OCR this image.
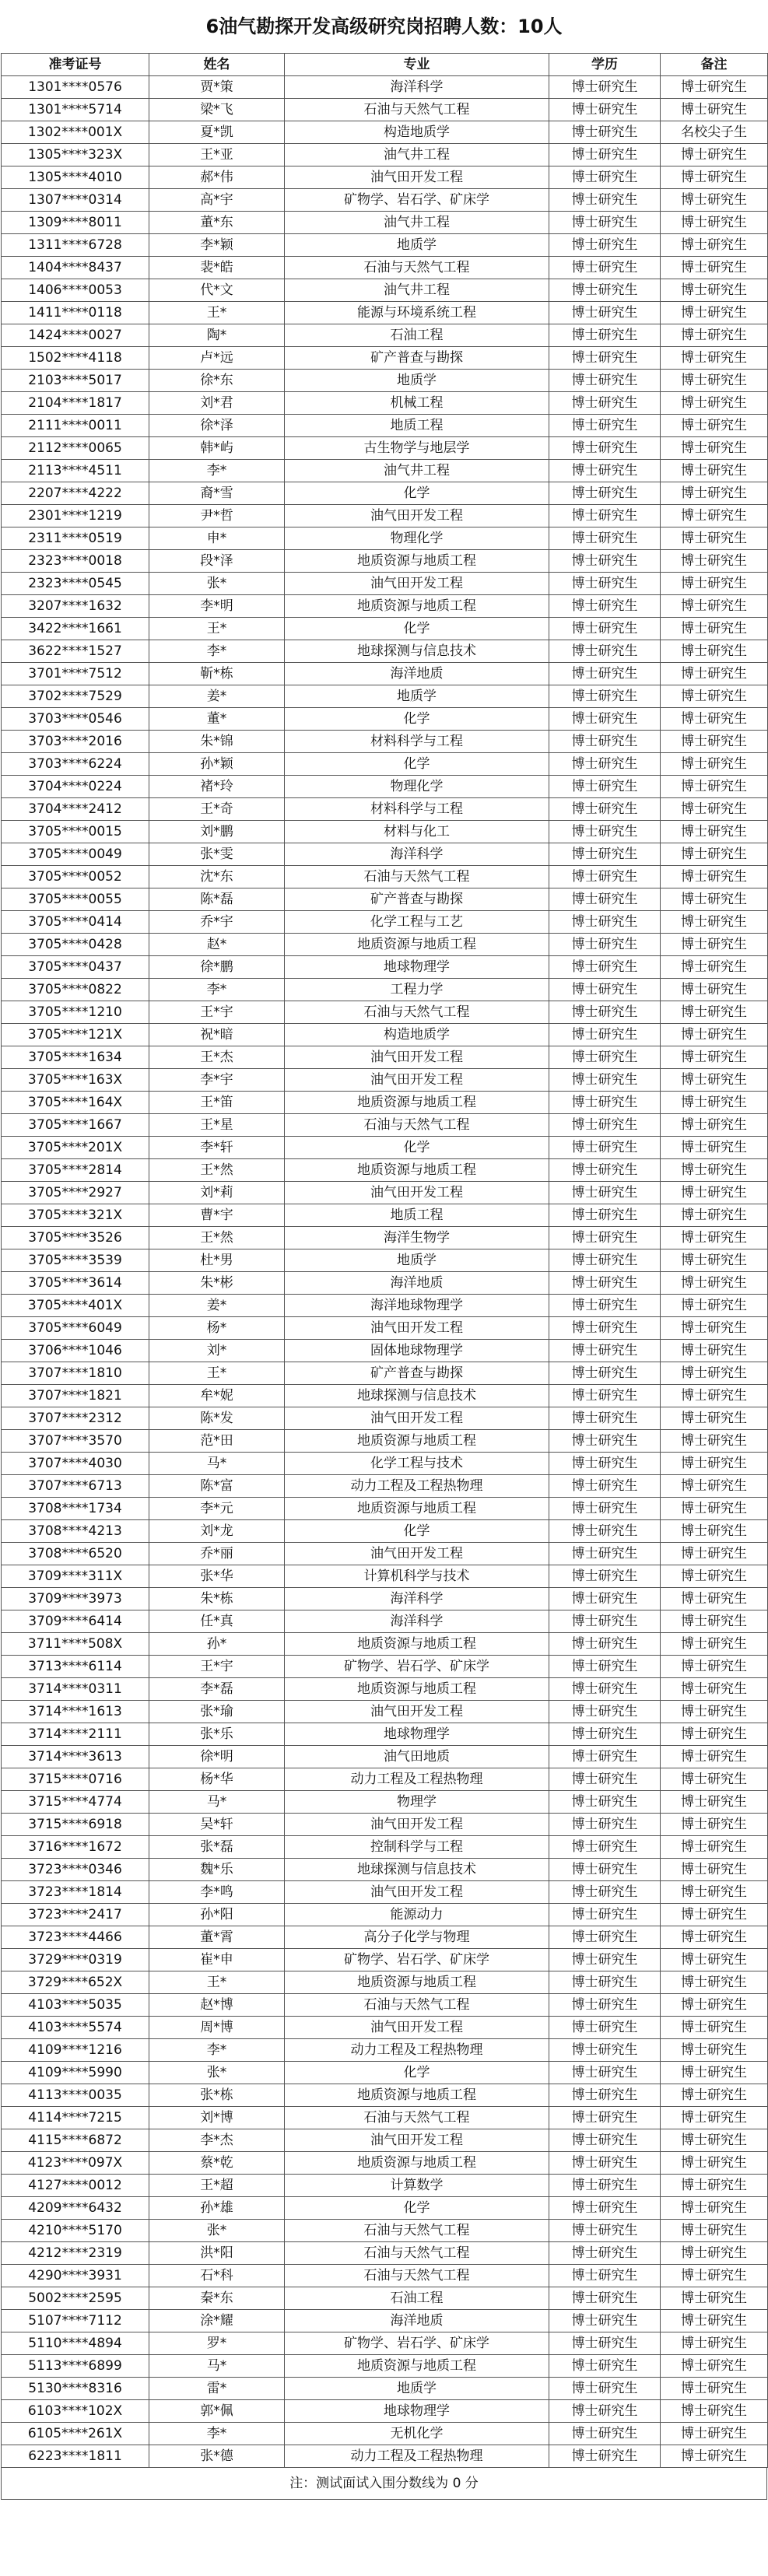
6油气勘探开发高级研究岗招聘人数：10人
准考证号	姓名	专业	学历	备注
1301****0576	贾*策	海洋科学	博士研究生	博士研究生
1301****5714	梁*飞	石油与天然气工程	博士研究生	博士研究生
1302****001X	夏*凯	构造地质学	博士研究生	名校尖子生
1305****323X	王*亚	油气井工程	博士研究生	博士研究生
1305****4010	郝*伟	油气田开发工程	博士研究生	博士研究生
1307****0314	高*宇	矿物学、岩石学、矿床学	博士研究生	博士研究生
1309****8011	董*东	油气井工程	博士研究生	博士研究生
1311****6728	李*颖	地质学	博士研究生	博士研究生
1404****8437	裴*皓	石油与天然气工程	博士研究生	博士研究生
1406****0053	代*文	油气井工程	博士研究生	博士研究生
1411****0118	王*	能源与环境系统工程	博士研究生	博士研究生
1424****0027	陶*	石油工程	博士研究生	博士研究生
1502****4118	卢*远	矿产普查与勘探	博士研究生	博士研究生
2103****5017	徐*东	地质学	博士研究生	博士研究生
2104****1817	刘*君	机械工程	博士研究生	博士研究生
2111****0011	徐*泽	地质工程	博士研究生	博士研究生
2112****0065	韩*屿	古生物学与地层学	博士研究生	博士研究生
2113****4511	李*	油气井工程	博士研究生	博士研究生
2207****4222	裔*雪	化学	博士研究生	博士研究生
2301****1219	尹*哲	油气田开发工程	博士研究生	博士研究生
2311****0519	申*	物理化学	博士研究生	博士研究生
2323****0018	段*泽	地质资源与地质工程	博士研究生	博士研究生
2323****0545	张*	油气田开发工程	博士研究生	博士研究生
3207****1632	李*明	地质资源与地质工程	博士研究生	博士研究生
3422****1661	王*	化学	博士研究生	博士研究生
3622****1527	李*	地球探测与信息技术	博士研究生	博士研究生
3701****7512	靳*栋	海洋地质	博士研究生	博士研究生
3702****7529	姜*	地质学	博士研究生	博士研究生
3703****0546	董*	化学	博士研究生	博士研究生
3703****2016	朱*锦	材料科学与工程	博士研究生	博士研究生
3703****6224	孙*颖	化学	博士研究生	博士研究生
3704****0224	褚*玲	物理化学	博士研究生	博士研究生
3704****2412	王*奇	材料科学与工程	博士研究生	博士研究生
3705****0015	刘*鹏	材料与化工	博士研究生	博士研究生
3705****0049	张*雯	海洋科学	博士研究生	博士研究生
3705****0052	沈*东	石油与天然气工程	博士研究生	博士研究生
3705****0055	陈*磊	矿产普查与勘探	博士研究生	博士研究生
3705****0414	乔*宇	化学工程与工艺	博士研究生	博士研究生
3705****0428	赵*	地质资源与地质工程	博士研究生	博士研究生
3705****0437	徐*鹏	地球物理学	博士研究生	博士研究生
3705****0822	李*	工程力学	博士研究生	博士研究生
3705****1210	王*宇	石油与天然气工程	博士研究生	博士研究生
3705****121X	祝*暗	构造地质学	博士研究生	博士研究生
3705****1634	王*杰	油气田开发工程	博士研究生	博士研究生
3705****163X	李*宇	油气田开发工程	博士研究生	博士研究生
3705****164X	王*笛	地质资源与地质工程	博士研究生	博士研究生
3705****1667	王*星	石油与天然气工程	博士研究生	博士研究生
3705****201X	李*轩	化学	博士研究生	博士研究生
3705****2814	王*然	地质资源与地质工程	博士研究生	博士研究生
3705****2927	刘*莉	油气田开发工程	博士研究生	博士研究生
3705****321X	曹*宇	地质工程	博士研究生	博士研究生
3705****3526	王*然	海洋生物学	博士研究生	博士研究生
3705****3539	杜*男	地质学	博士研究生	博士研究生
3705****3614	朱*彬	海洋地质	博士研究生	博士研究生
3705****401X	姜*	海洋地球物理学	博士研究生	博士研究生
3705****6049	杨*	油气田开发工程	博士研究生	博士研究生
3706****1046	刘*	固体地球物理学	博士研究生	博士研究生
3707****1810	王*	矿产普查与勘探	博士研究生	博士研究生
3707****1821	牟*妮	地球探测与信息技术	博士研究生	博士研究生
3707****2312	陈*发	油气田开发工程	博士研究生	博士研究生
3707****3570	范*田	地质资源与地质工程	博士研究生	博士研究生
3707****4030	马*	化学工程与技术	博士研究生	博士研究生
3707****6713	陈*富	动力工程及工程热物理	博士研究生	博士研究生
3708****1734	李*元	地质资源与地质工程	博士研究生	博士研究生
3708****4213	刘*龙	化学	博士研究生	博士研究生
3708****6520	乔*丽	油气田开发工程	博士研究生	博士研究生
3709****311X	张*华	计算机科学与技术	博士研究生	博士研究生
3709****3973	朱*栋	海洋科学	博士研究生	博士研究生
3709****6414	任*真	海洋科学	博士研究生	博士研究生
3711****508X	孙*	地质资源与地质工程	博士研究生	博士研究生
3713****6114	王*宇	矿物学、岩石学、矿床学	博士研究生	博士研究生
3714****0311	李*磊	地质资源与地质工程	博士研究生	博士研究生
3714****1613	张*瑜	油气田开发工程	博士研究生	博士研究生
3714****2111	张*乐	地球物理学	博士研究生	博士研究生
3714****3613	徐*明	油气田地质	博士研究生	博士研究生
3715****0716	杨*华	动力工程及工程热物理	博士研究生	博士研究生
3715****4774	马*	物理学	博士研究生	博士研究生
3715****6918	吴*轩	油气田开发工程	博士研究生	博士研究生
3716****1672	张*磊	控制科学与工程	博士研究生	博士研究生
3723****0346	魏*乐	地球探测与信息技术	博士研究生	博士研究生
3723****1814	李*鸣	油气田开发工程	博士研究生	博士研究生
3723****2417	孙*阳	能源动力	博士研究生	博士研究生
3723****4466	董*霄	高分子化学与物理	博士研究生	博士研究生
3729****0319	崔*申	矿物学、岩石学、矿床学	博士研究生	博士研究生
3729****652X	王*	地质资源与地质工程	博士研究生	博士研究生
4103****5035	赵*博	石油与天然气工程	博士研究生	博士研究生
4103****5574	周*博	油气田开发工程	博士研究生	博士研究生
4109****1216	李*	动力工程及工程热物理	博士研究生	博士研究生
4109****5990	张*	化学	博士研究生	博士研究生
4113****0035	张*栋	地质资源与地质工程	博士研究生	博士研究生
4114****7215	刘*博	石油与天然气工程	博士研究生	博士研究生
4115****6872	李*杰	油气田开发工程	博士研究生	博士研究生
4123****097X	蔡*乾	地质资源与地质工程	博士研究生	博士研究生
4127****0012	王*超	计算数学	博士研究生	博士研究生
4209****6432	孙*雄	化学	博士研究生	博士研究生
4210****5170	张*	石油与天然气工程	博士研究生	博士研究生
4212****2319	洪*阳	石油与天然气工程	博士研究生	博士研究生
4290****3931	石*科	石油与天然气工程	博士研究生	博士研究生
5002****2595	秦*东	石油工程	博士研究生	博士研究生
5107****7112	涂*耀	海洋地质	博士研究生	博士研究生
5110****4894	罗*	矿物学、岩石学、矿床学	博士研究生	博士研究生
5113****6899	马*	地质资源与地质工程	博士研究生	博士研究生
5130****8316	雷*	地质学	博士研究生	博士研究生
6103****102X	郭*佩	地球物理学	博士研究生	博士研究生
6105****261X	李*	无机化学	博士研究生	博士研究生
6223****1811	张*德	动力工程及工程热物理	博士研究生	博士研究生
注：测试面试入围分数线为 0 分
